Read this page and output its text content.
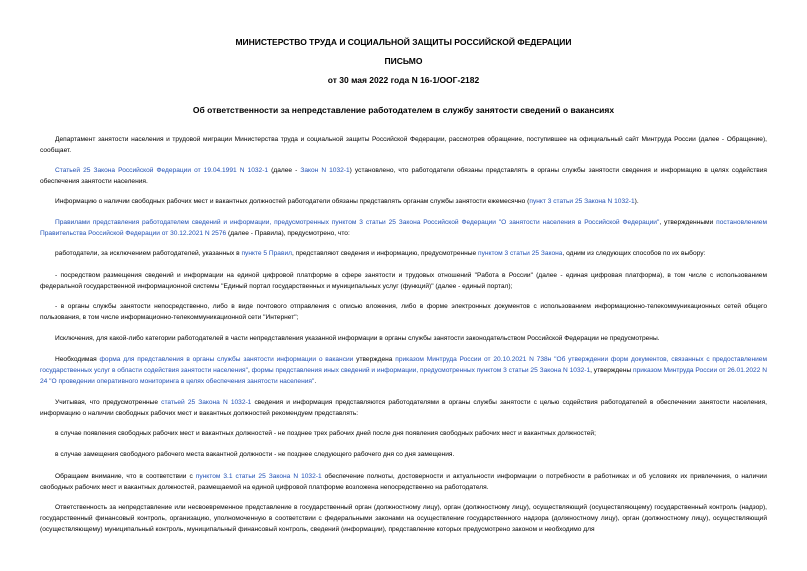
МИНИСТЕРСТВО ТРУДА И СОЦИАЛЬНОЙ ЗАЩИТЫ РОССИЙСКОЙ ФЕДЕРАЦИИ
ПИСЬМО
от 30 мая 2022 года N 16-1/ООГ-2182
Об ответственности за непредставление работодателем в службу занятости сведений о вакансиях
Департамент занятости населения и трудовой миграции Министерства труда и социальной защиты Российской Федерации, рассмотрев обращение, поступившее на официальный сайт Минтруда России (далее - Обращение), сообщает.
Статьей 25 Закона Российской Федерации от 19.04.1991 N 1032-1 (далее - Закон N 1032-1) установлено, что работодатели обязаны представлять в органы службы занятости сведения и информацию в целях содействия обеспечения занятости населения.
Информацию о наличии свободных рабочих мест и вакантных должностей работодатели обязаны представлять органам службы занятости ежемесячно (пункт 3 статьи 25 Закона N 1032-1).
Правилами представления работодателем сведений и информации, предусмотренных пунктом 3 статьи 25 Закона Российской Федерации "О занятости населения в Российской Федерации", утвержденными постановлением Правительства Российской Федерации от 30.12.2021 N 2576 (далее - Правила), предусмотрено, что:
работодатели, за исключением работодателей, указанных в пункте 5 Правил, представляют сведения и информацию, предусмотренные пунктом 3 статьи 25 Закона, одним из следующих способов по их выбору:
- посредством размещения сведений и информации на единой цифровой платформе в сфере занятости и трудовых отношений "Работа в России" (далее - единая цифровая платформа), в том числе с использованием федеральной государственной информационной системы "Единый портал государственных и муниципальных услуг (функций)" (далее - единый портал);
- в органы службы занятости непосредственно, либо в виде почтового отправления с описью вложения, либо в форме электронных документов с использованием информационно-телекоммуникационных сетей общего пользования, в том числе информационно-телекоммуникационной сети "Интернет";
Исключения, для какой-либо категории работодателей в части непредставления указанной информации в органы службы занятости законодательством Российской Федерации не предусмотрены.
Необходимая форма для представления в органы службы занятости информации о вакансии утверждена приказом Минтруда России от 20.10.2021 N 738н "Об утверждении форм документов, связанных с предоставлением государственных услуг в области содействия занятости населения", формы представления иных сведений и информации, предусмотренных пунктом 3 статьи 25 Закона N 1032-1, утверждены приказом Минтруда России от 26.01.2022 N 24 "О проведении оперативного мониторинга в целях обеспечения занятости населения".
Учитывая, что предусмотренные статьей 25 Закона N 1032-1 сведения и информация представляются работодателями в органы службы занятости с целью содействия работодателей в обеспечении занятости населения, информацию о наличии свободных рабочих мест и вакантных должностей рекомендуем представлять:
в случае появления свободных рабочих мест и вакантных должностей - не позднее трех рабочих дней после дня появления свободных рабочих мест и вакантных должностей;
в случае замещения свободного рабочего места вакантной должности - не позднее следующего рабочего дня со дня замещения.
Обращаем внимание, что в соответствии с пунктом 3.1 статьи 25 Закона N 1032-1 обеспечение полноты, достоверности и актуальности информации о потребности в работниках и об условиях их привлечения, о наличии свободных рабочих мест и вакантных должностей, размещаемой на единой цифровой платформе возложена непосредственно на работодателя.
Ответственность за непредставление или несвоевременное представление в государственный орган (должностному лицу), орган (должностному лицу), осуществляющий (осуществляющему) государственный контроль (надзор), государственный финансовый контроль, организацию, уполномоченную в соответствии с федеральными законами на осуществление государственного надзора (должностному лицу), орган (должностному лицу), осуществляющий (осуществляющему) муниципальный контроль, муниципальный финансовый контроль, сведений (информации), представление которых предусмотрено законом и необходимо для
